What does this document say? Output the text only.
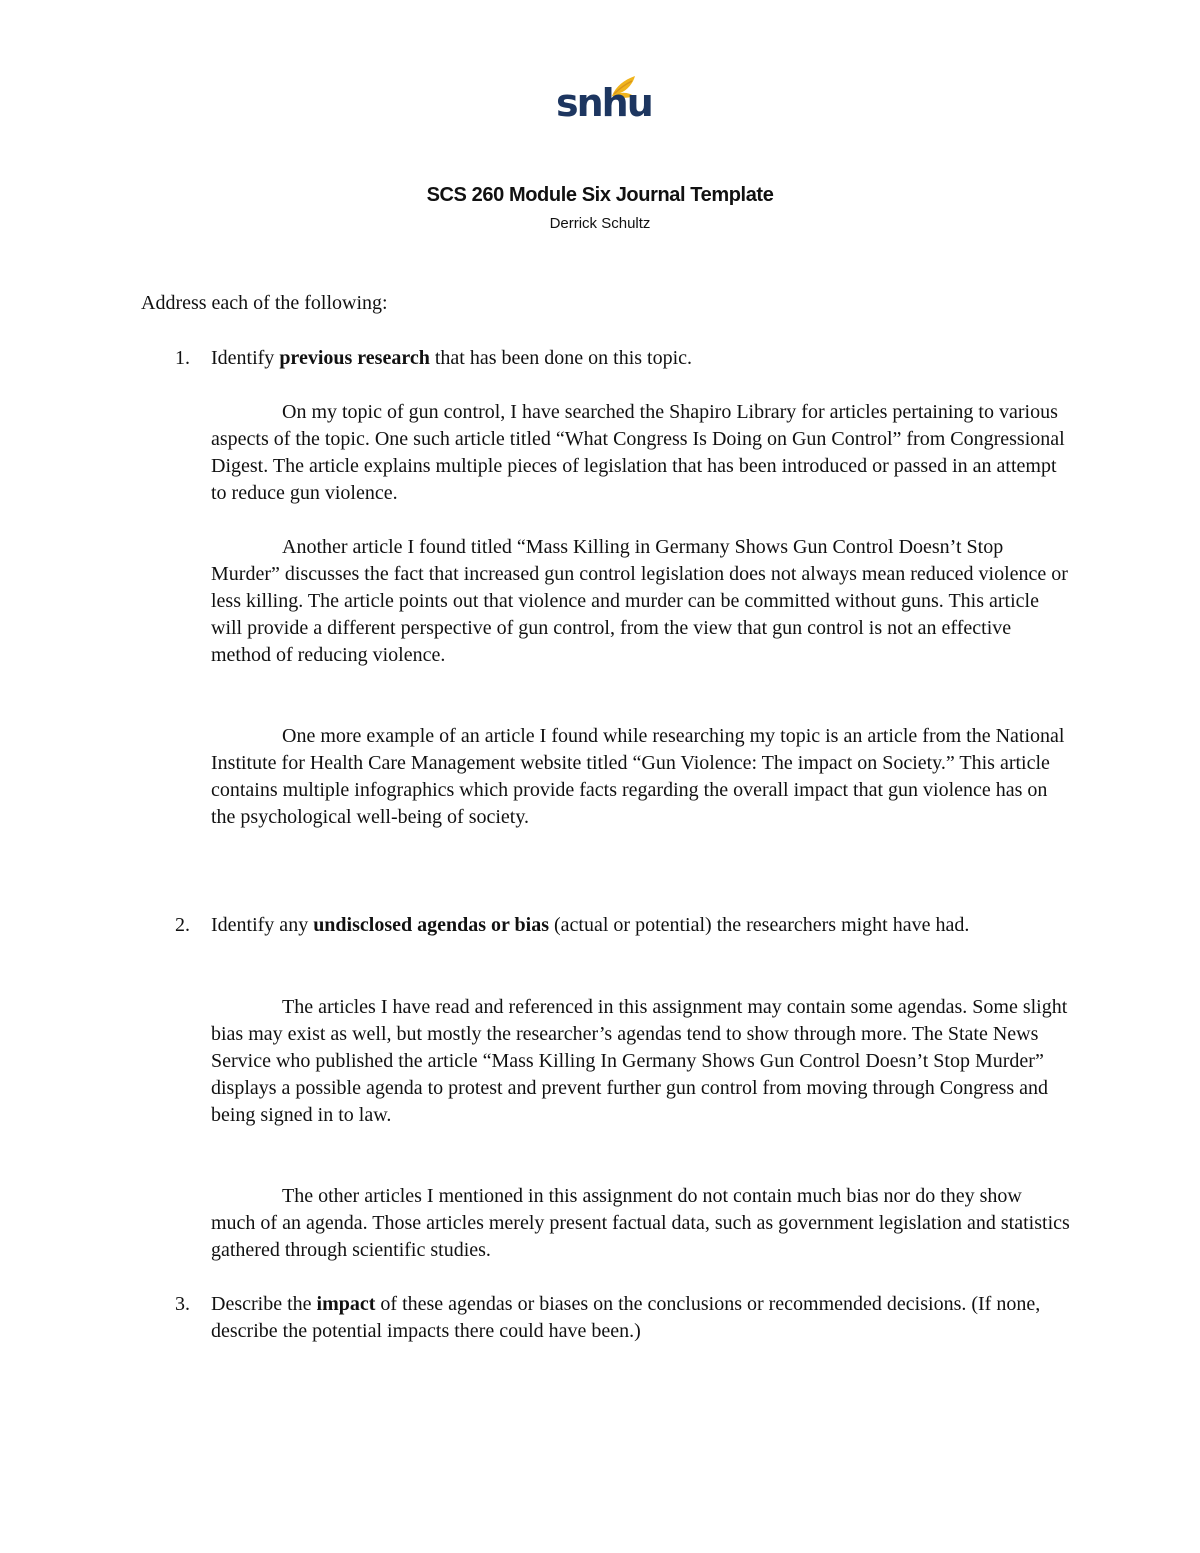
snhu
SCS 260 Module Six Journal Template
Derrick Schultz
Address each of the following:
1. Identify previous research that has been done on this topic.
On my topic of gun control, I have searched the Shapiro Library for articles pertaining to various aspects of the topic. One such article titled “What Congress Is Doing on Gun Control” from Congressional Digest. The article explains multiple pieces of legislation that has been introduced or passed in an attempt to reduce gun violence.
Another article I found titled “Mass Killing in Germany Shows Gun Control Doesn’t Stop Murder” discusses the fact that increased gun control legislation does not always mean reduced violence or less killing. The article points out that violence and murder can be committed without guns. This article will provide a different perspective of gun control, from the view that gun control is not an effective method of reducing violence.
One more example of an article I found while researching my topic is an article from the National Institute for Health Care Management website titled “Gun Violence: The impact on Society.” This article contains multiple infographics which provide facts regarding the overall impact that gun violence has on the psychological well-being of society.
2. Identify any undisclosed agendas or bias (actual or potential) the researchers might have had.
The articles I have read and referenced in this assignment may contain some agendas. Some slight bias may exist as well, but mostly the researcher’s agendas tend to show through more. The State News Service who published the article “Mass Killing In Germany Shows Gun Control Doesn’t Stop Murder” displays a possible agenda to protest and prevent further gun control from moving through Congress and being signed in to law.
The other articles I mentioned in this assignment do not contain much bias nor do they show much of an agenda. Those articles merely present factual data, such as government legislation and statistics gathered through scientific studies.
3. Describe the impact of these agendas or biases on the conclusions or recommended decisions. (If none, describe the potential impacts there could have been.)
